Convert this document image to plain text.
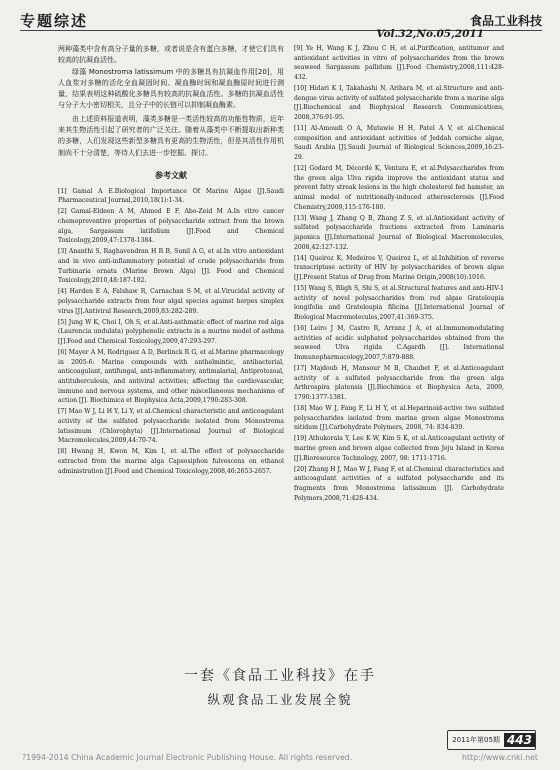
专题综述	食品工业科技
Vol.32,No.05,2011

两种藻类中含有高分子量的多糖，或者说是含有蛋白多糖，才使它们具有较高的抗凝血活性。

绿藻 Monostroma latissimum 中的多糖具有抗凝血作用[20]，用人血浆对多糖的活化全血凝固时间、凝血酶时间和凝血酶原时间进行测量，结果表明这种硫酸化多糖具有较高的抗凝血活性。多糖的抗凝血活性与分子大小密切相关，且分子中的长链可以抑制凝血酶素。

由上述资料报道表明，藻类多糖是一类活性较高的功能性物质，近年来其生物活性引起了研究者的广泛关注。随着从藻类中不断提取出新种类的多糖，人们发现这些新型多糖具有更高的生物活性，但是其活性作用机制尚不十分清楚，等待人们去进一步挖掘、探讨。

参考文献

[1] Gamal A E.Biological Importance Of Marine Algae [J].Saudi Pharmaceutical Journal,2010,18(1):1-34.

[2] Gamal-Eldeen A M, Ahmed E F, Abo-Zeid M A.In vitro cancer chemopreventive properties of polysaccharide extract from the brown alga, Sargassum latifolium [J].Food and Chemical Toxicology,2009,47:1378-1384.

[3] Ananthi S, Raghavendran H R B, Sunil A G, et al.In vitro antioxidant and in vivo anti-inflammatory potential of crude polysaccharide from Turbinaria ornata (Marine Brown Alga) [J]. Food and Chemical Toxicology,2010,48:187-192.

[4] Harden E A, Falshaw R, Carnachan S M, et al.Virucidal activity of polysaccharide extracts from four algal species against herpes simplex virus [J].Antiviral Research,2009,83:282-289.

[5] Jung W K, Choi I, Oh S, et al.Anti-asthmatic effect of marine red alga (Laurencia undulata) polyphenolic extracts in a murine model of asthma [J].Food and Chemical Toxicology,2009,47:293-297.

[6] Mayer A M, Rodriguez A D, Berlinck R G, et al.Marine pharmacology in 2005-6: Marine compounds with anthelmintic, antibacterial, anticoagulant, antifungal, anti-inflammatory, antimalarial, Antiprotozoal, antituberculosis, and antiviral activities; affecting the cardiovascular, immune and nervous systems, and other miscellaneous mechanisms of action [J]. Biochimica et Biophysica Acta,2009,1790:283-308.

[7] Mao W J, Li H Y, Li Y, et al.Chemical characteristic and anticoagulant activity of the sulfated polysaccharide isolated from Monostroma latissimum (Chlorophyta) [J].International Journal of Biological Macromolecules,2009,44:70-74.

[8] Hwang H, Kwon M, Kim I, et al.The effect of polysaccharide extracted from the marine alga Capsosiphon fulvescens on ethanol administration [J].Food and Chemical Toxicology,2008,46:2653-2657.

[9] Ye H, Wang K J, Zhou C H, et al.Purification, antitumor and antioxidant activities in vitro of polysaccharides from the brown seaweed Sargassum pallidum [J].Food Chemistry,2008,111:428-432.

[10] Hidari K I, Takahashi N, Arihara M, et al.Structure and anti-dengue virus activity of sulfated polysaccharide from a marine alga [J].Biochemical and Biophysical Research Communications, 2008,376:91-95.

[11] Al-Amoudi O A, Mutawie H H, Patel A V, et al.Chemical composition and antioxidant activities of Jeddah corniche algae, Saudi Arabia [J].Saudi Journal of Biological Sciences,2009,16:23-29.

[12] Godard M, Décordé K, Ventura E, et al.Polysaccharides from the green alga Ulva rigida improve the antioxidant status and prevent fatty streak lesions in the high cholesterol fed hamster, an animal model of nutritionally-induced atherosclerosis [J].Food Chemistry,2009,115:176-180.

[13] Wang J, Zhang Q B, Zhang Z S, et al.Antioxidant activity of sulfated polysaccharide fractions extracted from Laminaria japonica [J].International Journal of Biological Macromolecules, 2008,42:127-132.

[14] Queiroz K, Medeiros V, Queiroz L, et al.Inhibition of reverse transcriptase activity of HIV by polysaccharides of brown algae [J].Present Status of Drug from Marine Origin,2008(10):1016.

[15] Wang S, Bligh S, Shi S, et al.Structural features and anti-HIV-1 activity of novel polysaccharides from red algae Grateloupia longifolia and Grateloupia filicina [J].International Journal of Biological Macromolecules,2007,41:369-375.

[16] Leiro J M, Castro R, Arranz J A, et al.Immunomodulating activities of acidic sulphated polysaccharides obtained from the seaweed Ulva rigida C.Agardh [J]. International Immunopharmacology,2007,7:879-888.

[17] Majdoub H, Mansour M B, Chaubet F, et al.Anticoagulant activity of a sulfated polysaccharide from the green alga Arthrospira platensis [J].Biochimica et Biophysica Acta, 2009, 1790:1377-1381.

[18] Mao W J, Fang F, Li H Y, et al.Heparinoid-active two sulfated polysaccharides isolated from marine green algae Monostroma nitidum [J].Carbohydrate Polymers, 2008, 74: 834-839.

[19] Athukorala Y, Lee K W, Kim S K, et al.Anticoagulant activity of marine green and brown algae collected from Jeju Island in Korea [J].Bioresource Technology, 2007, 98: 1711-1716.

[20] Zhang H J, Mao W J, Fang F, et al.Chemical characteristics and anticoagulant activities of a sulfated polysaccharide and its fragments from Monostroma latissimum [J]. Carbohydrate Polymers,2008,71:428-434.

一套《食品工业科技》在手
纵观食品工业发展全貌
2011年第05期 443
?1994-2014 China Academic Journal Electronic Publishing House. All rights reserved.	http://www.cnki.net
